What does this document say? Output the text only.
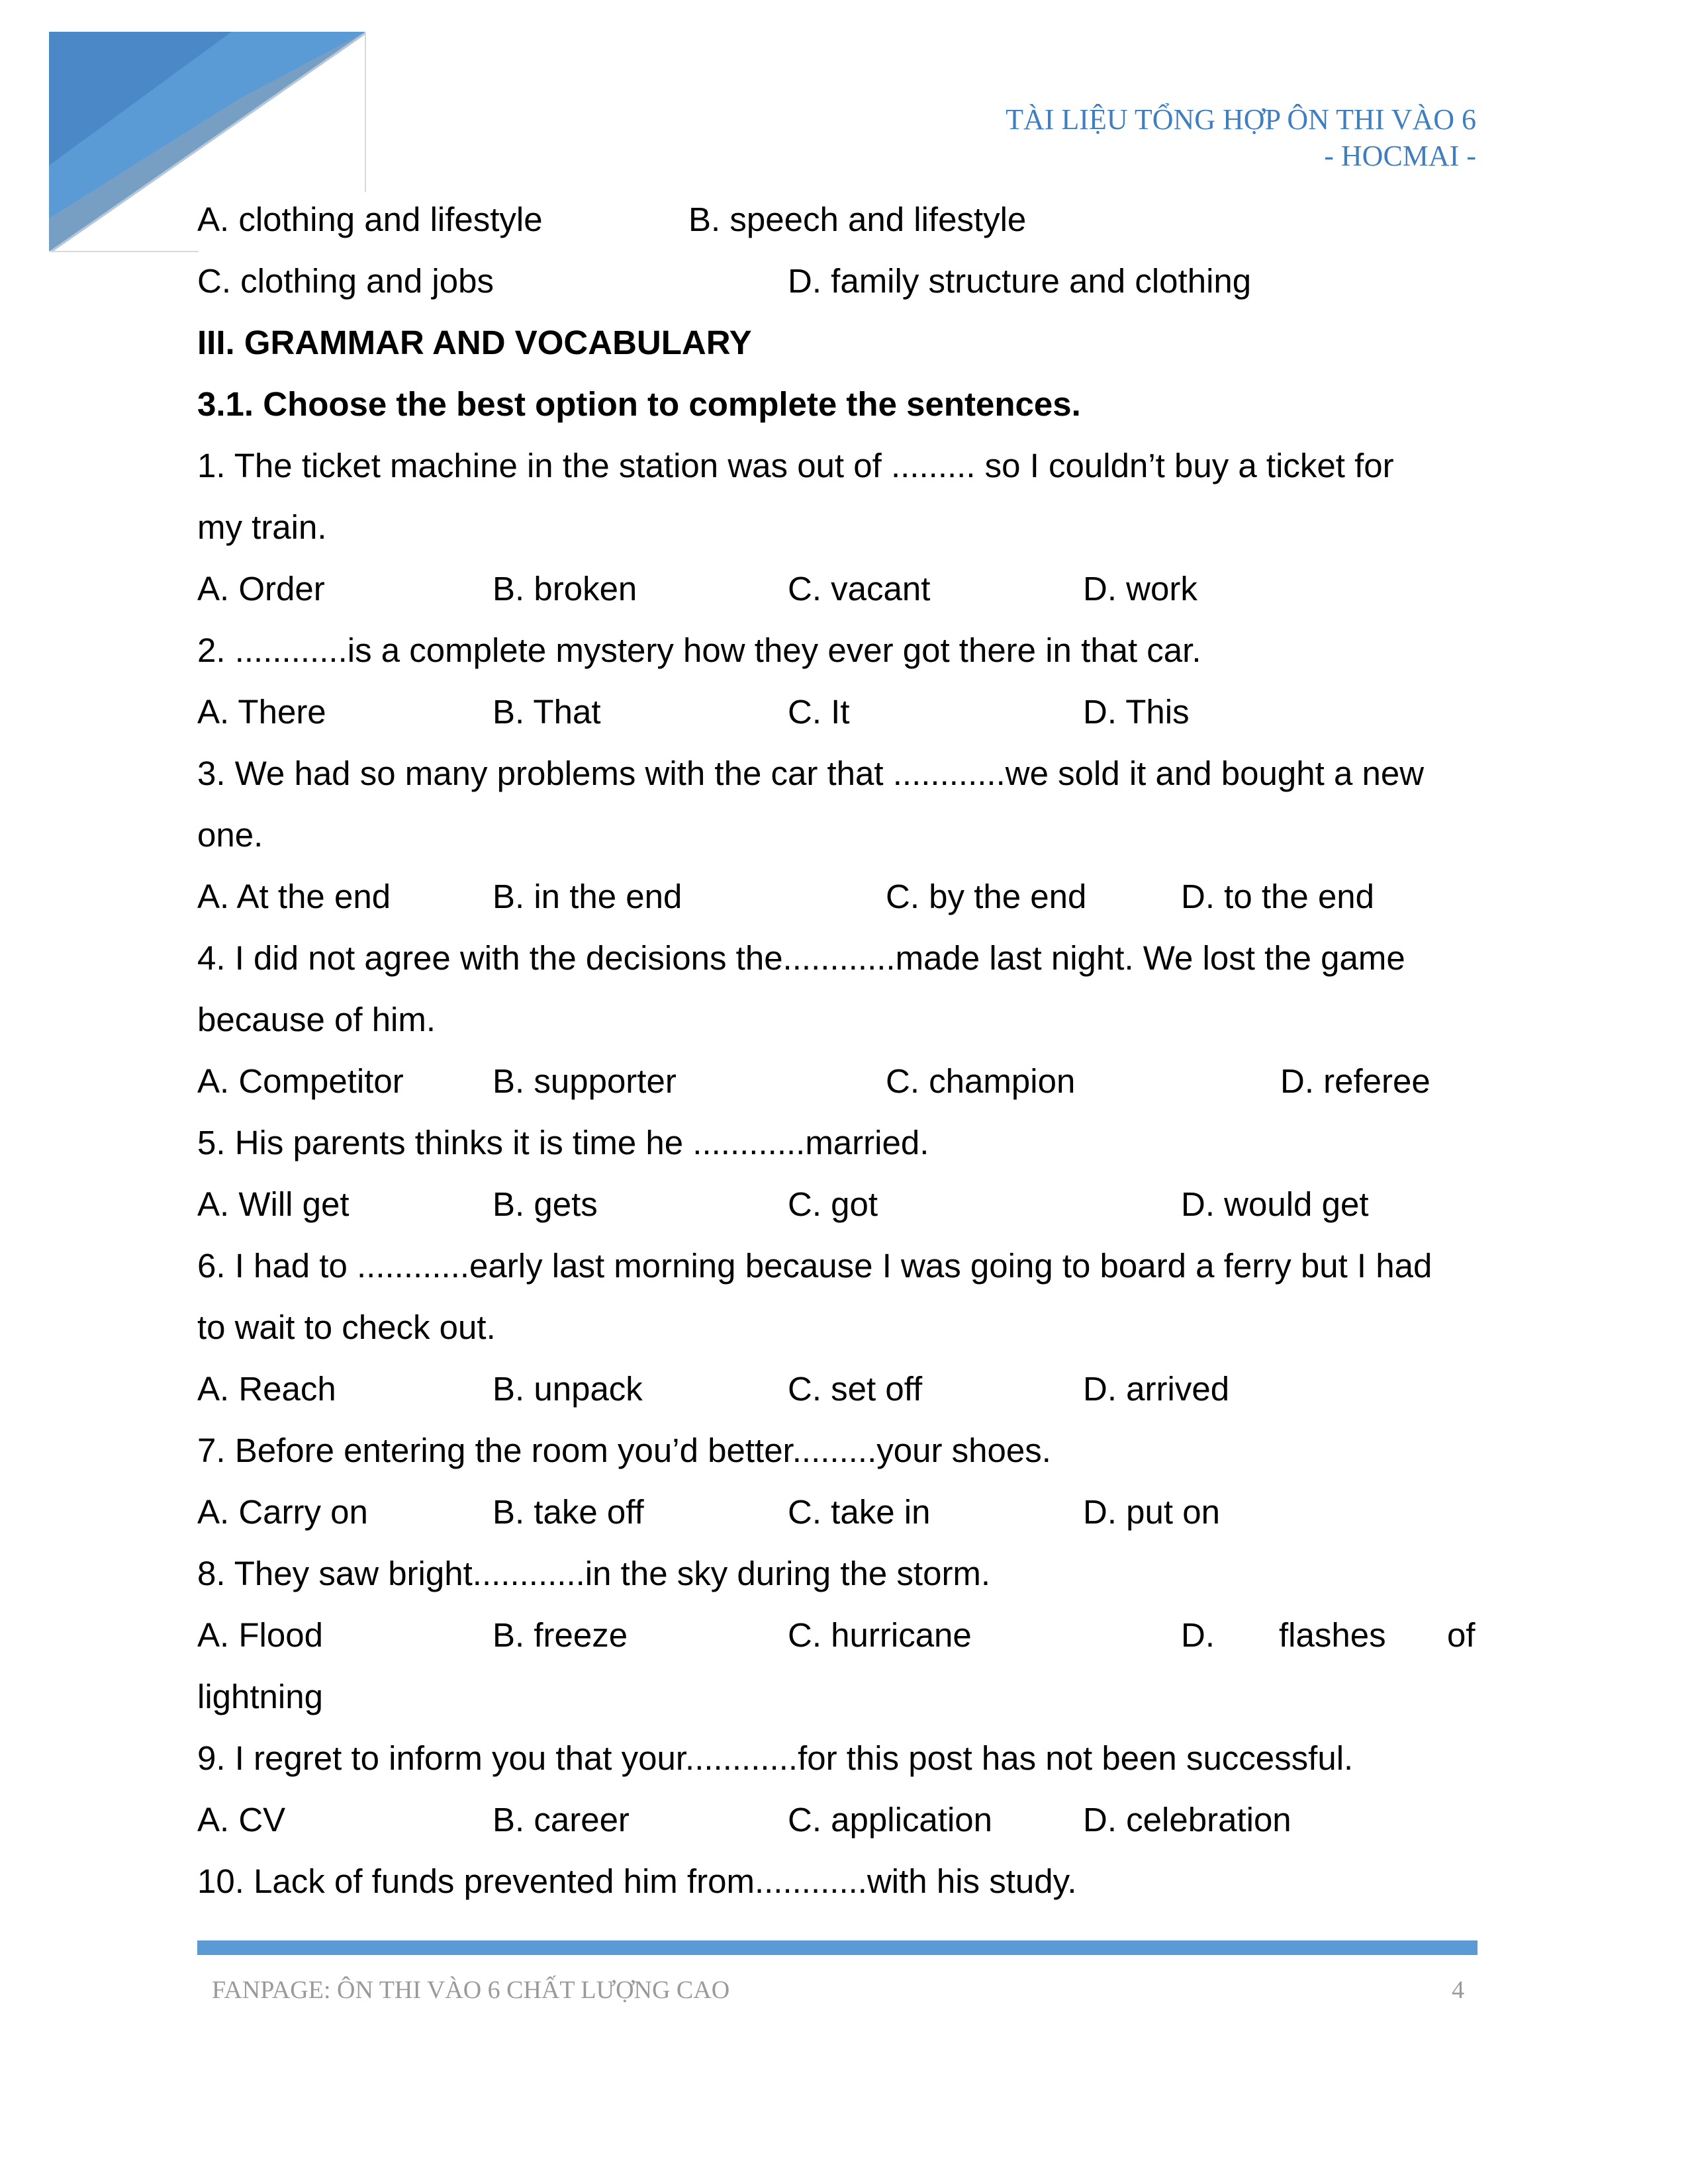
TÀI LIỆU TỔNG HỢP ÔN THI VÀO 6
- HOCMAI -
A. clothing and lifestyle	B. speech and lifestyle
C. clothing and jobs	D. family structure and clothing
III. GRAMMAR AND VOCABULARY
3.1. Choose the best option to complete the sentences.
1. The ticket machine in the station was out of ......... so I couldn’t buy a ticket for
my train.
A. Order	B. broken	C. vacant	D. work
2. ............is a complete mystery how they ever got there in that car.
A. There	B. That	C. It	D. This
3. We had so many problems with the car that ............we sold it and bought a new
one.
A. At the end	B. in the end	C. by the end	D. to the end
4. I did not agree with the decisions the............made last night. We lost the game
because of him.
A. Competitor	B. supporter	C. champion	D. referee
5. His parents thinks it is time he ............married.
A. Will get	B. gets	C. got	D. would get
6. I had to ............early last morning because I was going to board a ferry but I had
to wait to check out.
A. Reach	B. unpack	C. set off	D. arrived
7. Before entering the room you’d better.........your shoes.
A. Carry on	B. take off	C. take in	D. put on
8. They saw bright............in the sky during the storm.
A. Flood	B. freeze	C. hurricane	D. flashes of
lightning
9. I regret to inform you that your............for this post has not been successful.
A. CV	B. career	C. application	D. celebration
10. Lack of funds prevented him from............with his study.
FANPAGE: ÔN THI VÀO 6 CHẤT LƯỢNG CAO	4
